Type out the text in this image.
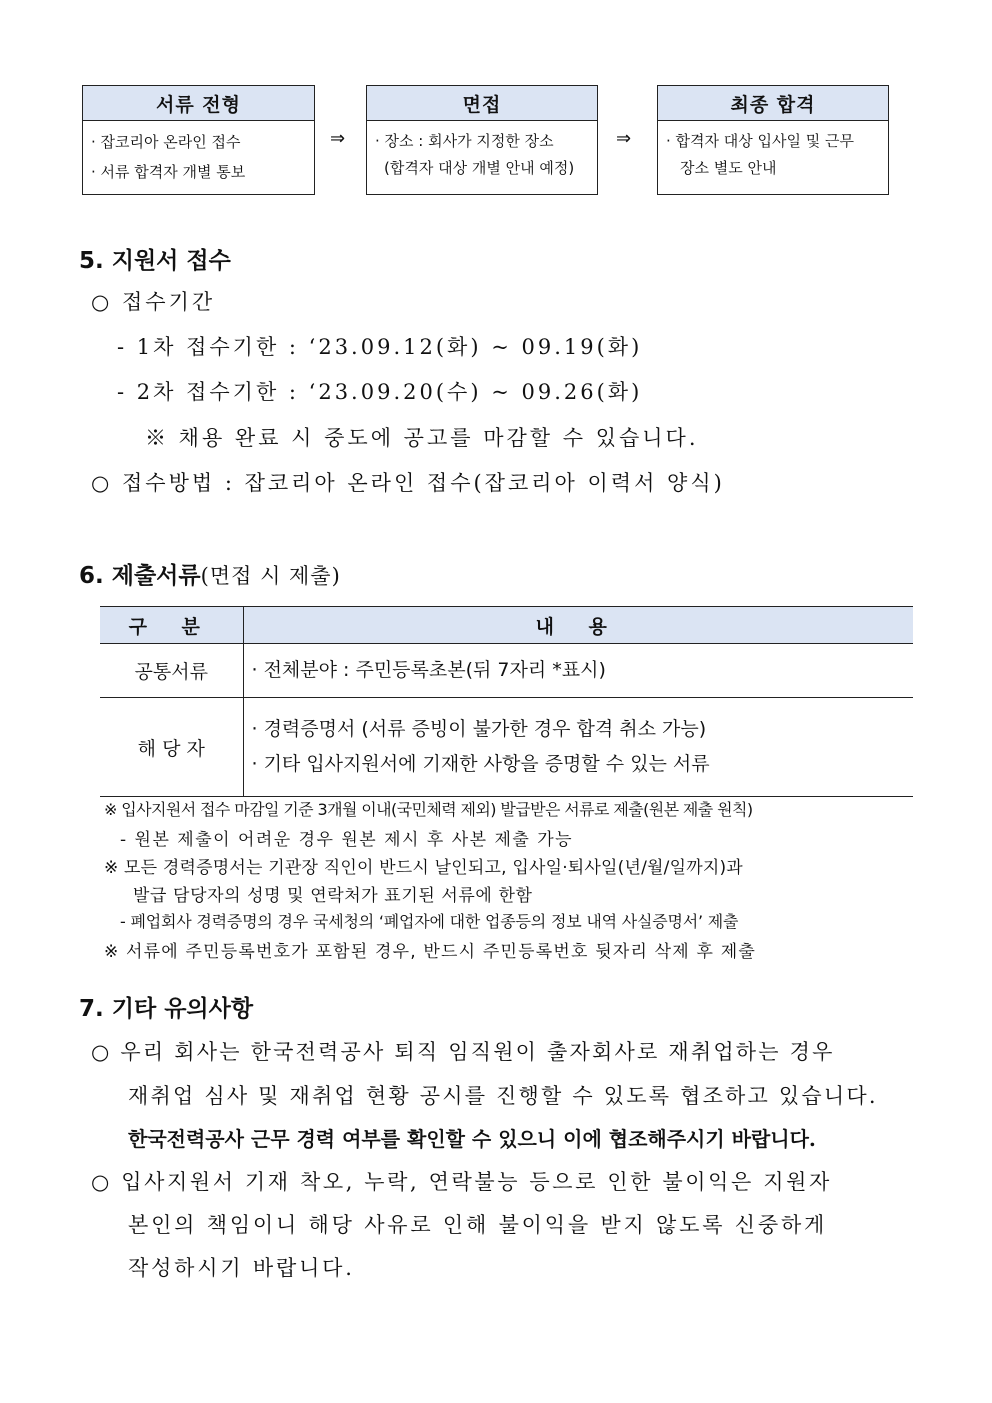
서류 전형
· 잡코리아 온라인 접수
· 서류 합격자 개별 통보
⇒
면접
· 장소 : 회사가 지정한 장소
(합격자 대상 개별 안내 예정)
⇒
최종 합격
· 합격자 대상 입사일 및 근무
장소 별도 안내
5. 지원서 접수
○ 접수기간
- 1차 접수기한 : ‘23.09.12(화) ~ 09.19(화)
- 2차 접수기한 : ‘23.09.20(수) ~ 09.26(화)
※ 채용 완료 시 중도에 공고를 마감할 수 있습니다.
○ 접수방법 : 잡코리아 온라인 접수(잡코리아 이력서 양식)
6. 제출서류(면접 시 제출)
구 분	내 용
공통서류	· 전체분야 : 주민등록초본(뒤 7자리 *표시)

해 당 자	· 경력증명서 (서류 증빙이 불가한 경우 합격 취소 가능)
· 기타 입사지원서에 기재한 사항을 증명할 수 있는 서류
※ 입사지원서 접수 마감일 기준 3개월 이내(국민체력 제외) 발급받은 서류로 제출(원본 제출 원칙)
- 원본 제출이 어려운 경우 원본 제시 후 사본 제출 가능
※ 모든 경력증명서는 기관장 직인이 반드시 날인되고, 입사일·퇴사일(년/월/일까지)과
발급 담당자의 성명 및 연락처가 표기된 서류에 한함
- 폐업회사 경력증명의 경우 국세청의 ‘폐업자에 대한 업종등의 정보 내역 사실증명서’ 제출
※ 서류에 주민등록번호가 포함된 경우, 반드시 주민등록번호 뒷자리 삭제 후 제출
7. 기타 유의사항
○ 우리 회사는 한국전력공사 퇴직 임직원이 출자회사로 재취업하는 경우
재취업 심사 및 재취업 현황 공시를 진행할 수 있도록 협조하고 있습니다.
한국전력공사 근무 경력 여부를 확인할 수 있으니 이에 협조해주시기 바랍니다.
○ 입사지원서 기재 착오, 누락, 연락불능 등으로 인한 불이익은 지원자
본인의 책임이니 해당 사유로 인해 불이익을 받지 않도록 신중하게
작성하시기 바랍니다.
